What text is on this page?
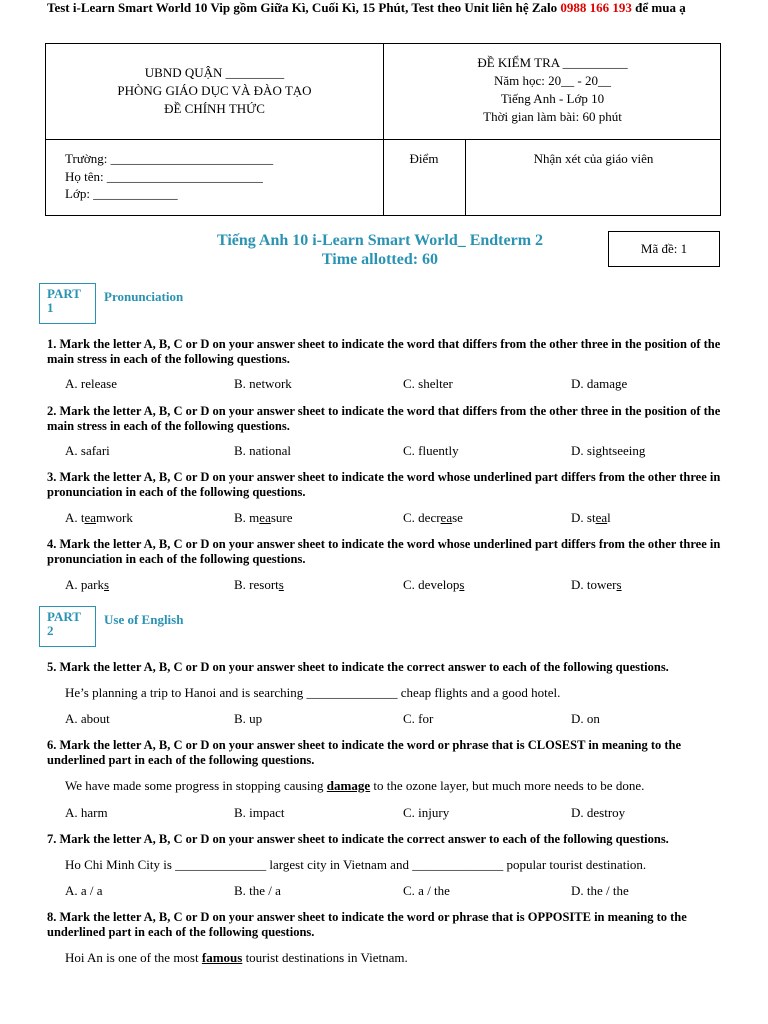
Test i-Learn Smart World 10 Vip gồm Giữa Kì, Cuối Kì, 15 Phút, Test theo Unit liên hệ Zalo 0988 166 193 để mua ạ
UBND QUẬN _________
PHÒNG GIÁO DỤC VÀ ĐÀO TẠO
ĐỀ CHÍNH THỨC
ĐỀ KIỂM TRA __________
Năm học: 20__ - 20__
Tiếng Anh - Lớp 10
Thời gian làm bài: 60 phút
Trường: _________________________
Họ tên: ________________________
Lớp: _____________
Điểm	Nhận xét của giáo viên
Tiếng Anh 10 i-Learn Smart World_ Endterm 2
Time allotted: 60
Mã đề: 1
PART
1
Pronunciation
1. Mark the letter A, B, C or D on your answer sheet to indicate the word that differs from the other three in the position of the main stress in each of the following questions.
A. release	B. network	C. shelter	D. damage
2. Mark the letter A, B, C or D on your answer sheet to indicate the word that differs from the other three in the position of the main stress in each of the following questions.
A. safari	B. national	C. fluently	D. sightseeing
3. Mark the letter A, B, C or D on your answer sheet to indicate the word whose underlined part differs from the other three in pronunciation in each of the following questions.
A. teamwork	B. measure	C. decrease	D. steal
4. Mark the letter A, B, C or D on your answer sheet to indicate the word whose underlined part differs from the other three in pronunciation in each of the following questions.
A. parks	B. resorts	C. develops	D. towers
PART
2
Use of English
5. Mark the letter A, B, C or D on your answer sheet to indicate the correct answer to each of the following questions.
He’s planning a trip to Hanoi and is searching ______________ cheap flights and a good hotel.
A. about	B. up	C. for	D. on
6. Mark the letter A, B, C or D on your answer sheet to indicate the word or phrase that is CLOSEST in meaning to the underlined part in each of the following questions.
We have made some progress in stopping causing damage to the ozone layer, but much more needs to be done.
A. harm	B. impact	C. injury	D. destroy
7. Mark the letter A, B, C or D on your answer sheet to indicate the correct answer to each of the following questions.
Ho Chi Minh City is ______________ largest city in Vietnam and ______________ popular tourist destination.
A. a / a	B. the / a	C. a / the	D. the / the
8. Mark the letter A, B, C or D on your answer sheet to indicate the word or phrase that is OPPOSITE in meaning to the underlined part in each of the following questions.
Hoi An is one of the most famous tourist destinations in Vietnam.
